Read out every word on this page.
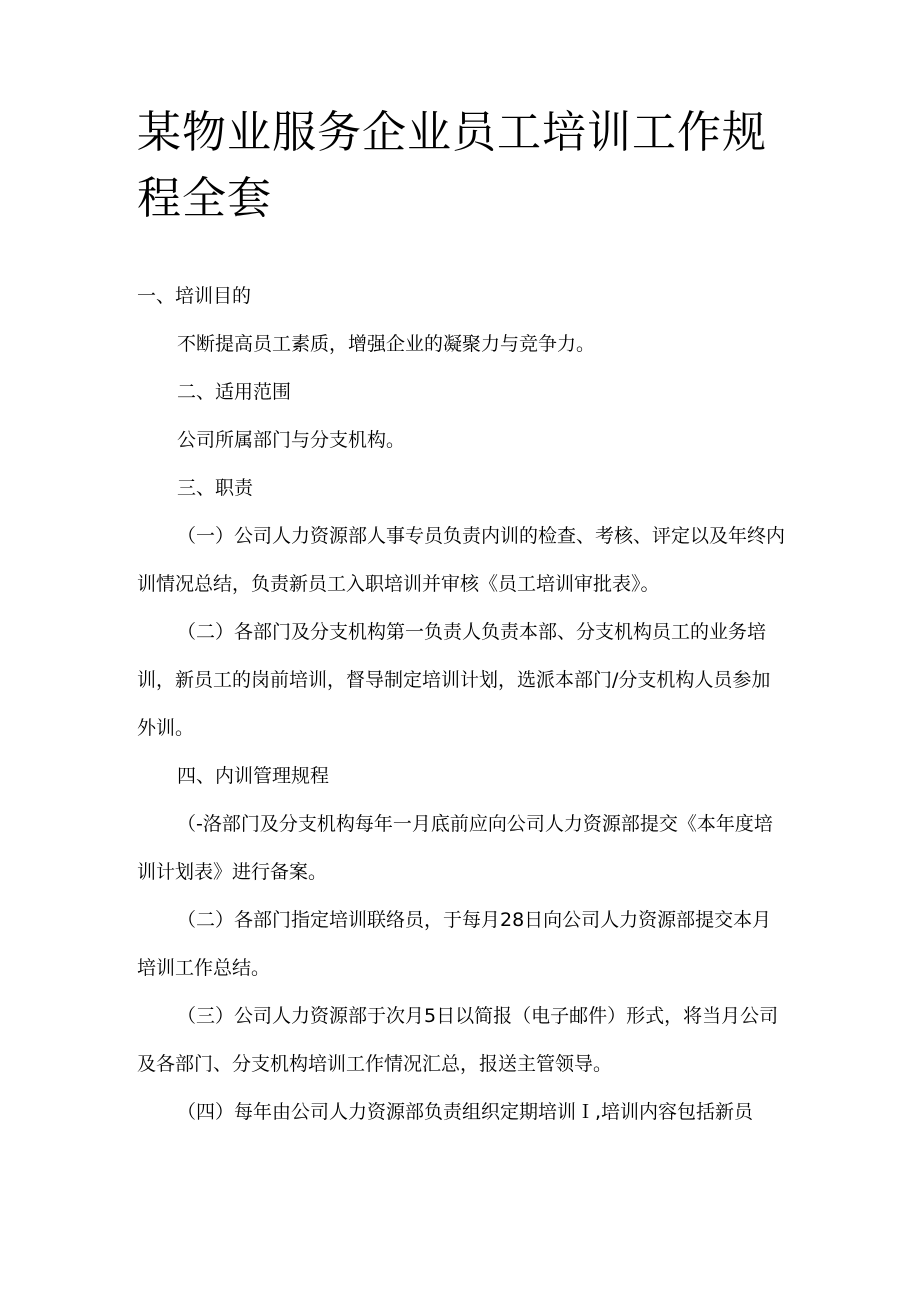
某物业服务企业员工培训工作规程全套

一、培训目的

不断提高员工素质，增强企业的凝聚力与竞争力。

二、适用范围

公司所属部门与分支机构。

三、职责

（一）公司人力资源部人事专员负责内训的检查、考核、评定以及年终内训情况总结，负责新员工入职培训并审核《员工培训审批表》。

（二）各部门及分支机构第一负责人负责本部、分支机构员工的业务培训，新员工的岗前培训，督导制定培训计划，选派本部门/分支机构人员参加外训。

四、内训管理规程

（-洛部门及分支机构每年一月底前应向公司人力资源部提交《本年度培训计划表》进行备案。

（二）各部门指定培训联络员，于每月28日向公司人力资源部提交本月培训工作总结。

（三）公司人力资源部于次月5日以简报（电子邮件）形式，将当月公司及各部门、分支机构培训工作情况汇总，报送主管领导。

（四）每年由公司人力资源部负责组织定期培训Ｉ,培训内容包括新员
